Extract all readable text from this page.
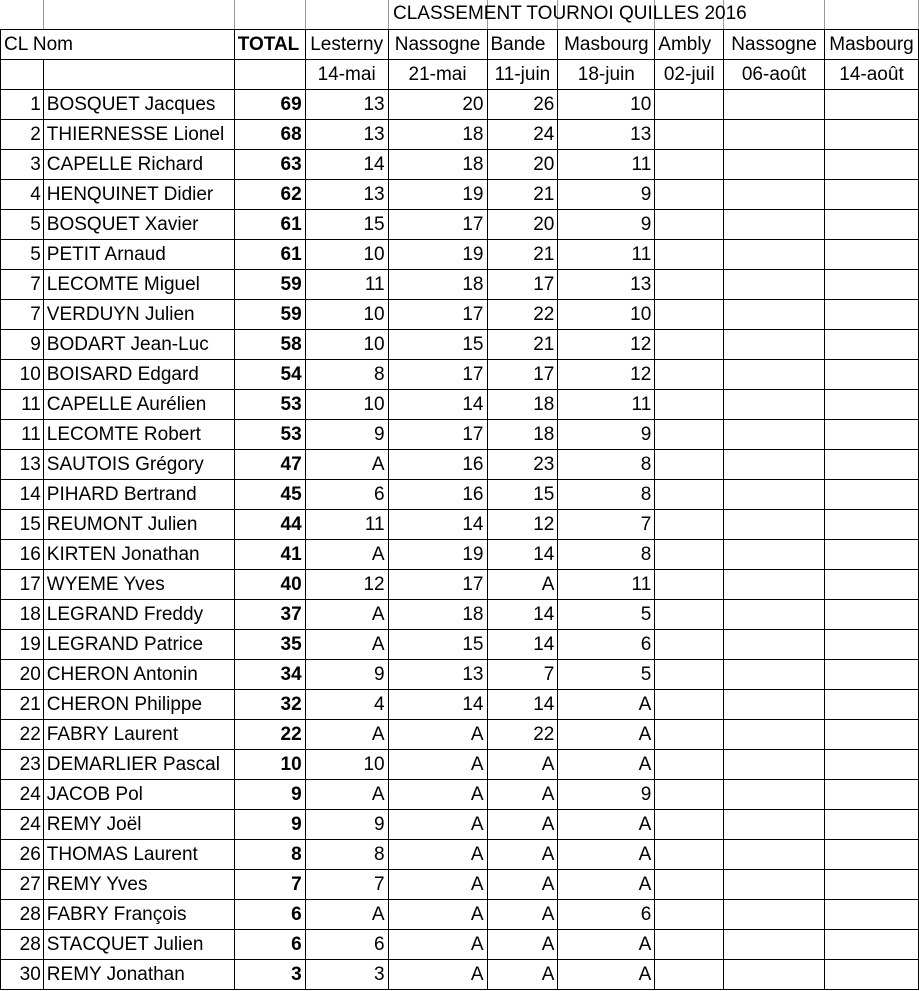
CL Nom		TOTAL	Lesterny	Nassogne	Bande	Masbourg	Ambly	Nassogne	Masbourg
			14-mai	21-mai	11-juin	18-juin	02-juil	06-août	14-août
1	BOSQUET Jacques	69	13	20	26	10			
2	THIERNESSE Lionel	68	13	18	24	13			
3	CAPELLE Richard	63	14	18	20	11			
4	HENQUINET Didier	62	13	19	21	9			
5	BOSQUET Xavier	61	15	17	20	9			
5	PETIT Arnaud	61	10	19	21	11			
7	LECOMTE Miguel	59	11	18	17	13			
7	VERDUYN Julien	59	10	17	22	10			
9	BODART Jean-Luc	58	10	15	21	12			
10	BOISARD Edgard	54	8	17	17	12			
11	CAPELLE Aurélien	53	10	14	18	11			
11	LECOMTE Robert	53	9	17	18	9			
13	SAUTOIS Grégory	47	A	16	23	8			
14	PIHARD Bertrand	45	6	16	15	8			
15	REUMONT Julien	44	11	14	12	7			
16	KIRTEN Jonathan	41	A	19	14	8			
17	WYEME Yves	40	12	17	A	11			
18	LEGRAND Freddy	37	A	18	14	5			
19	LEGRAND Patrice	35	A	15	14	6			
20	CHERON Antonin	34	9	13	7	5			
21	CHERON Philippe	32	4	14	14	A			
22	FABRY Laurent	22	A	A	22	A			
23	DEMARLIER Pascal	10	10	A	A	A			
24	JACOB Pol	9	A	A	A	9			
24	REMY Joël	9	9	A	A	A			
26	THOMAS Laurent	8	8	A	A	A			
27	REMY Yves	7	7	A	A	A			
28	FABRY François	6	A	A	A	6			
28	STACQUET Julien	6	6	A	A	A			
30	REMY Jonathan	3	3	A	A	A			
CLASSEMENT TOURNOI QUILLES 2016
